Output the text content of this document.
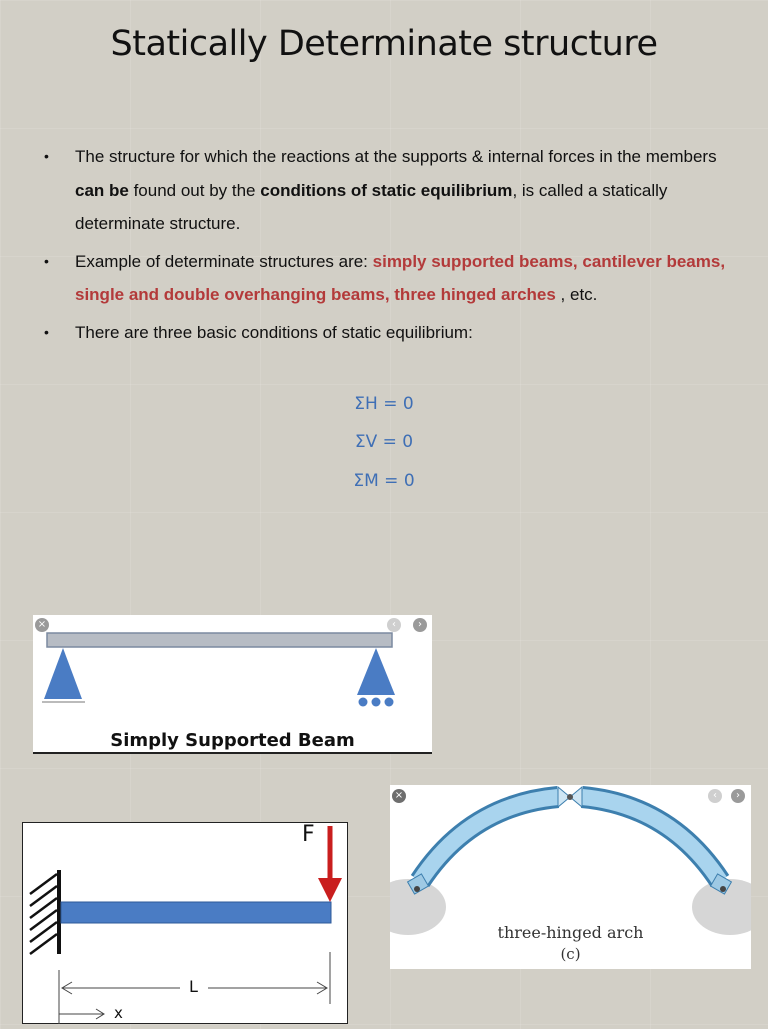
Statically Determinate structure
• The structure for which the reactions at the supports & internal forces in the members can be found out by the conditions of static equilibrium, is called a statically determinate structure.
• Example of determinate structures are: simply supported beams, cantilever beams, single and double overhanging beams, three hinged arches , etc.
• There are three basic conditions of static equilibrium:
ΣH = 0
ΣV = 0
ΣM = 0
×	‹	›
Simply Supported Beam
×	‹	›
three-hinged arch
(c)
F
L
x
